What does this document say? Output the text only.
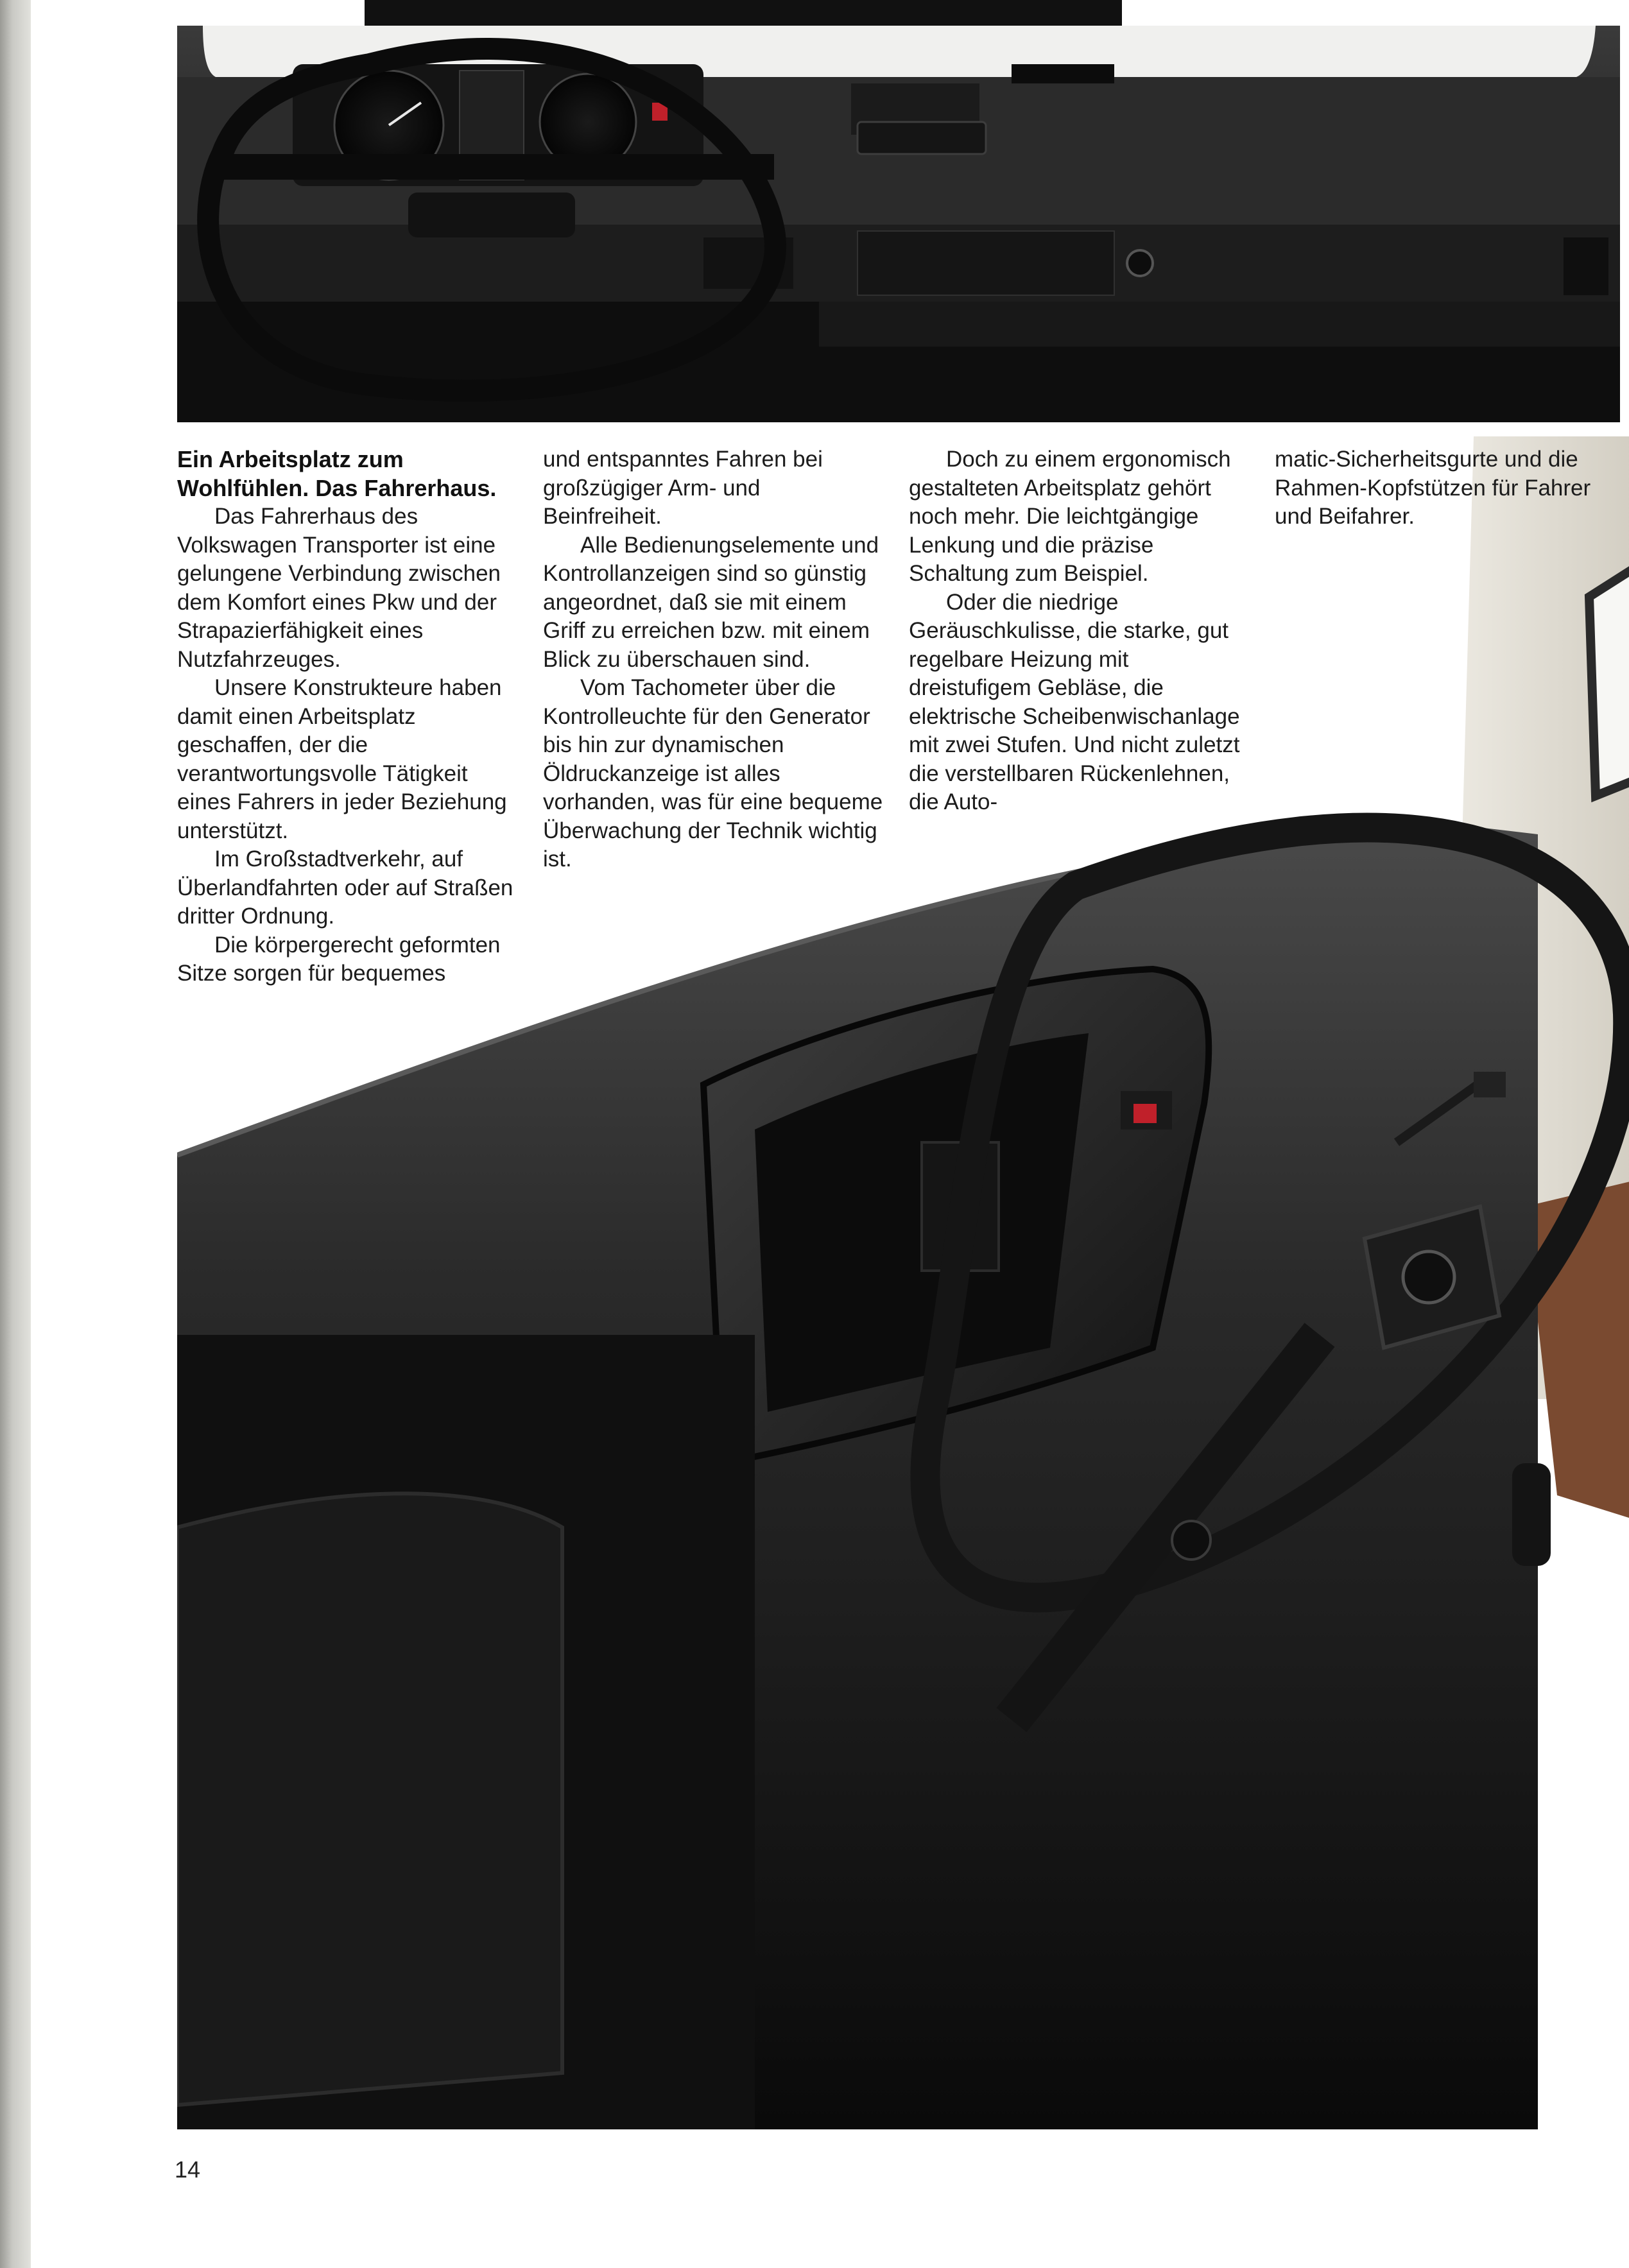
Ein Arbeitsplatz zum Wohlfühlen. Das Fahrerhaus.

Das Fahrerhaus des Volkswagen Transporter ist eine gelungene Verbindung zwischen dem Komfort eines Pkw und der Strapazierfähigkeit eines Nutzfahrzeuges.

Unsere Konstrukteure haben damit einen Arbeitsplatz geschaffen, der die verantwortungsvolle Tätigkeit eines Fahrers in jeder Beziehung unterstützt.

Im Großstadtverkehr, auf Überlandfahrten oder auf Straßen dritter Ordnung.

Die körpergerecht geformten Sitze sorgen für bequemes

und entspanntes Fahren bei großzügiger Arm- und Beinfreiheit.

Alle Bedienungselemente und Kontrollanzeigen sind so günstig angeordnet, daß sie mit einem Griff zu erreichen bzw. mit einem Blick zu überschauen sind.

Vom Tachometer über die Kontrolleuchte für den Generator bis hin zur dynamischen Öldruckanzeige ist alles vorhanden, was für eine bequeme Überwachung der Technik wichtig ist.

Doch zu einem ergonomisch gestalteten Arbeitsplatz gehört noch mehr. Die leichtgängige Lenkung und die präzise Schaltung zum Beispiel.

Oder die niedrige Geräuschkulisse, die starke, gut regelbare Heizung mit dreistufigem Gebläse, die elektrische Scheibenwischanlage mit zwei Stufen. Und nicht zuletzt die verstellbaren Rückenlehnen, die Auto-

matic-Sicherheitsgurte und die Rahmen-Kopfstützen für Fahrer und Beifahrer.

14
